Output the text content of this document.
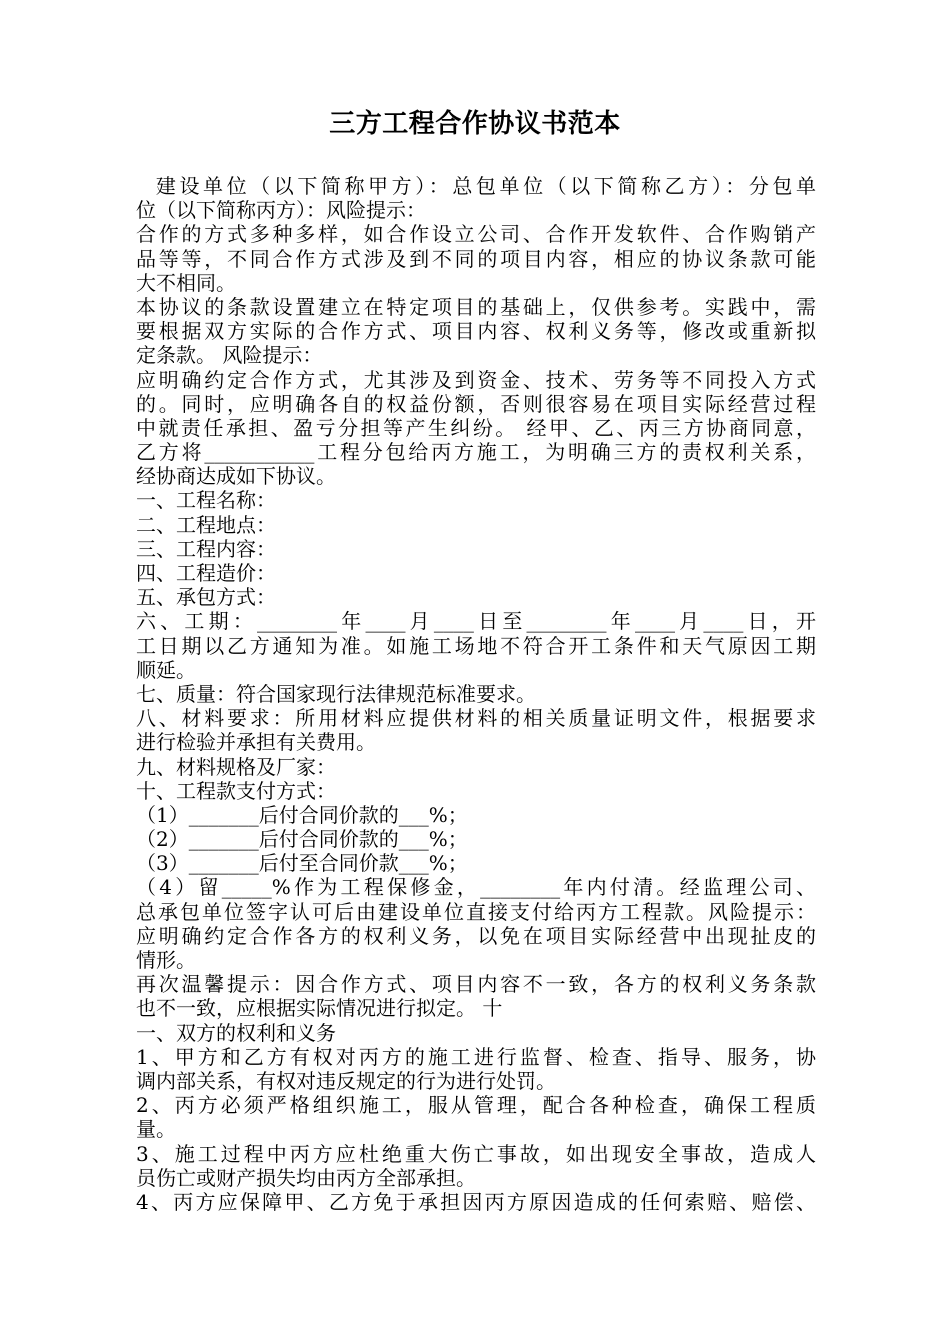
三方工程合作协议书范本
建设单位（以下简称甲方）：总包单位（以下简称乙方）：分包单
位（以下简称丙方）：风险提示：
合作的方式多种多样，如合作设立公司、合作开发软件、合作购销产
品等等，不同合作方式涉及到不同的项目内容，相应的协议条款可能
大不相同。
本协议的条款设置建立在特定项目的基础上，仅供参考。实践中，需
要根据双方实际的合作方式、项目内容、权利义务等，修改或重新拟
定条款。 风险提示：
应明确约定合作方式，尤其涉及到资金、技术、劳务等不同投入方式
的。同时，应明确各自的权益份额，否则很容易在项目实际经营过程
中就责任承担、盈亏分担等产生纠纷。 经甲、乙、丙三方协商同意，
乙方将___________工程分包给丙方施工，为明确三方的责权利关系，
经协商达成如下协议。
一、工程名称：
二、工程地点：
三、工程内容：
四、工程造价：
五、承包方式：
六、工期：________年____月____日至________年____月____日，开
工日期以乙方通知为准。如施工场地不符合开工条件和天气原因工期
顺延。
七、质量：符合国家现行法律规范标准要求。
八、材料要求：所用材料应提供材料的相关质量证明文件，根据要求
进行检验并承担有关费用。
九、材料规格及厂家：
十、工程款支付方式：
（1）_______后付合同价款的___%；
（2）_______后付合同价款的___%；
（3）_______后付至合同价款___%；
（4）留_____%作为工程保修金，________年内付清。经监理公司、
总承包单位签字认可后由建设单位直接支付给丙方工程款。风险提示：
应明确约定合作各方的权利义务，以免在项目实际经营中出现扯皮的
情形。
再次温馨提示：因合作方式、项目内容不一致，各方的权利义务条款
也不一致，应根据实际情况进行拟定。 十
一、双方的权利和义务
1、甲方和乙方有权对丙方的施工进行监督、检查、指导、服务，协
调内部关系，有权对违反规定的行为进行处罚。
2、丙方必须严格组织施工，服从管理，配合各种检查，确保工程质
量。
3、施工过程中丙方应杜绝重大伤亡事故，如出现安全事故，造成人
员伤亡或财产损失均由丙方全部承担。
4、丙方应保障甲、乙方免于承担因丙方原因造成的任何索赔、赔偿、
